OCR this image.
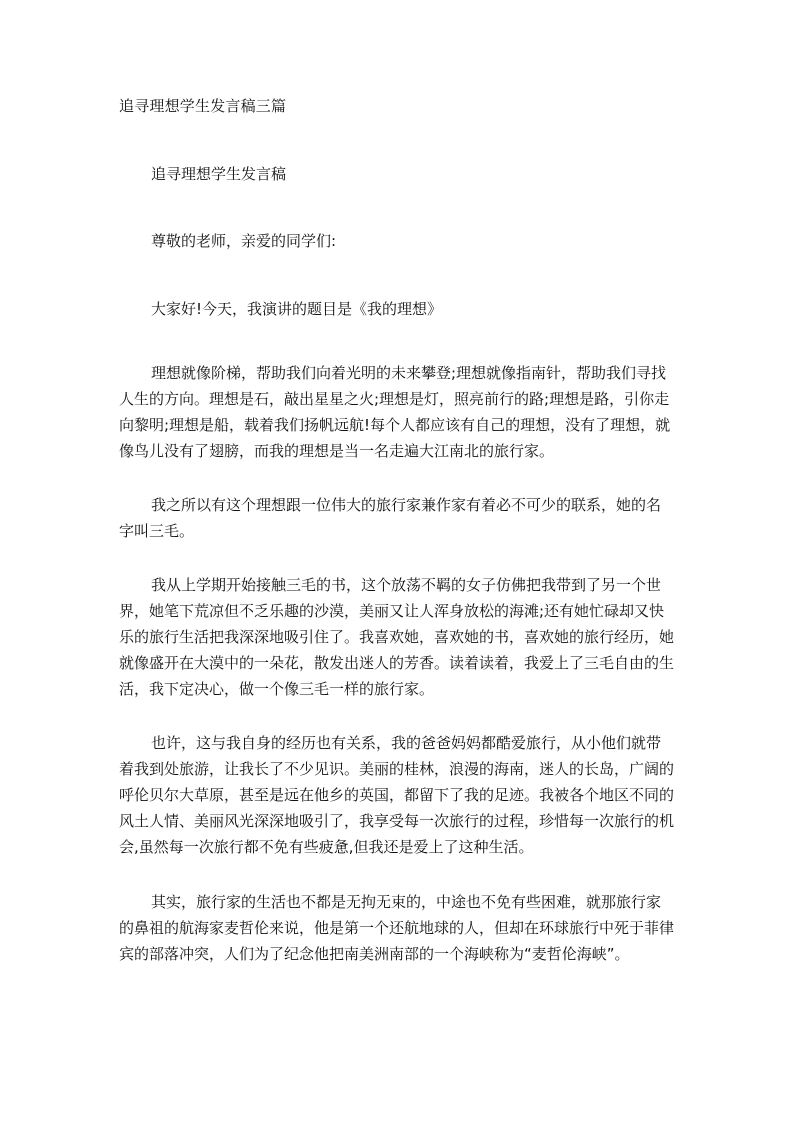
追寻理想学生发言稿三篇

追寻理想学生发言稿

尊敬的老师，亲爱的同学们:

大家好!今天，我演讲的题目是《我的理想》

理想就像阶梯，帮助我们向着光明的未来攀登;理想就像指南针，帮助我们寻找人生的方向。理想是石，敲出星星之火;理想是灯，照亮前行的路;理想是路，引你走向黎明;理想是船，载着我们扬帆远航!每个人都应该有自己的理想，没有了理想，就像鸟儿没有了翅膀，而我的理想是当一名走遍大江南北的旅行家。

我之所以有这个理想跟一位伟大的旅行家兼作家有着必不可少的联系，她的名字叫三毛。

我从上学期开始接触三毛的书，这个放荡不羁的女子仿佛把我带到了另一个世界，她笔下荒凉但不乏乐趣的沙漠，美丽又让人浑身放松的海滩;还有她忙碌却又快乐的旅行生活把我深深地吸引住了。我喜欢她，喜欢她的书，喜欢她的旅行经历，她就像盛开在大漠中的一朵花，散发出迷人的芳香。读着读着，我爱上了三毛自由的生活，我下定决心，做一个像三毛一样的旅行家。

也许，这与我自身的经历也有关系，我的爸爸妈妈都酷爱旅行，从小他们就带着我到处旅游，让我长了不少见识。美丽的桂林，浪漫的海南，迷人的长岛，广阔的呼伦贝尔大草原，甚至是远在他乡的英国，都留下了我的足迹。我被各个地区不同的风土人情、美丽风光深深地吸引了，我享受每一次旅行的过程，珍惜每一次旅行的机会,虽然每一次旅行都不免有些疲惫,但我还是爱上了这种生活。

其实，旅行家的生活也不都是无拘无束的，中途也不免有些困难，就那旅行家的鼻祖的航海家麦哲伦来说，他是第一个还航地球的人，但却在环球旅行中死于菲律宾的部落冲突，人们为了纪念他把南美洲南部的一个海峡称为“麦哲伦海峡”。
